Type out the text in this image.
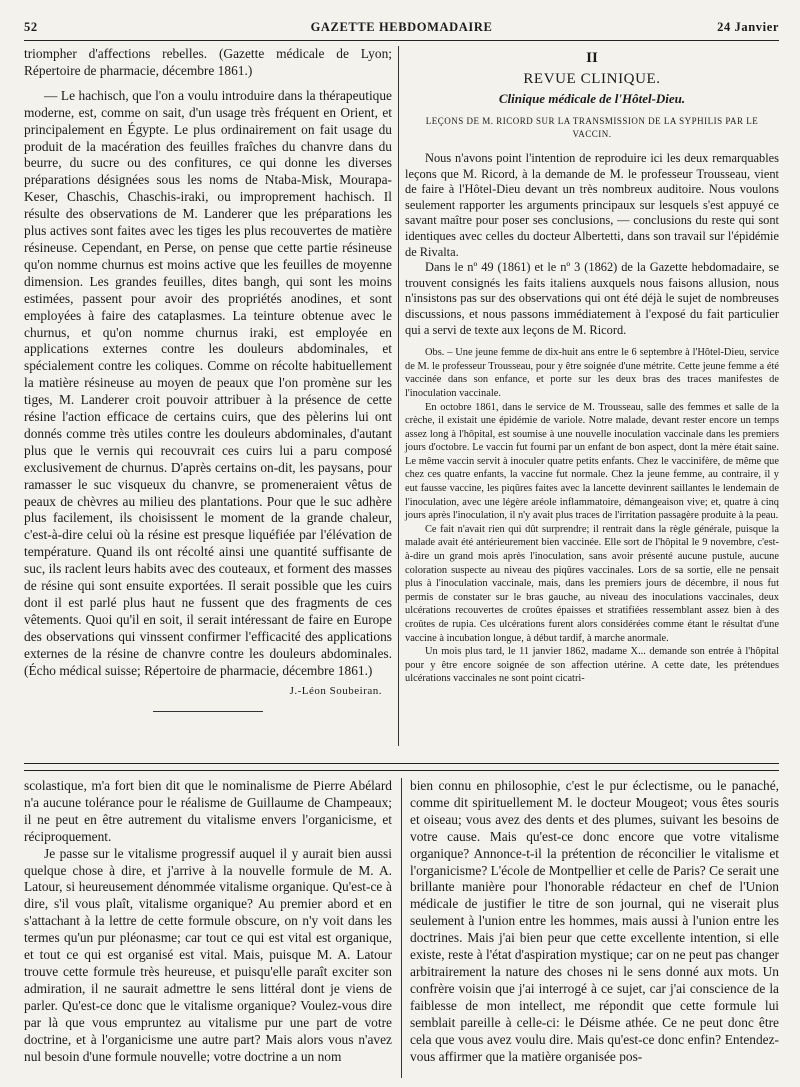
52	GAZETTE HEBDOMADAIRE	24 Janvier

triompher d'affections rebelles. (Gazette médicale de Lyon; Répertoire de pharmacie, décembre 1861.)

— Le hachisch, que l'on a voulu introduire dans la thérapeutique moderne, est, comme on sait, d'un usage très fréquent en Orient, et principalement en Égypte. Le plus ordinairement on fait usage du produit de la macération des feuilles fraîches du chanvre dans du beurre, du sucre ou des confitures, ce qui donne les diverses préparations désignées sous les noms de Ntaba-Misk, Mourapa-Keser, Chaschis, Chaschis-iraki, ou improprement hachisch. Il résulte des observations de M. Landerer que les préparations les plus actives sont faites avec les tiges les plus recouvertes de matière résineuse. Cependant, en Perse, on pense que cette partie résineuse qu'on nomme churnus est moins active que les feuilles de moyenne dimension. Les grandes feuilles, dites bangh, qui sont les moins estimées, passent pour avoir des propriétés anodines, et sont employées à faire des cataplasmes. La teinture obtenue avec le churnus, et qu'on nomme churnus iraki, est employée en applications externes contre les douleurs abdominales, et spécialement contre les coliques. Comme on récolte habituellement la matière résineuse au moyen de peaux que l'on promène sur les tiges, M. Landerer croit pouvoir attribuer à la présence de cette résine l'action efficace de certains cuirs, que des pèlerins lui ont donnés comme très utiles contre les douleurs abdominales, d'autant plus que le vernis qui recouvrait ces cuirs lui a paru composé exclusivement de churnus. D'après certains on-dit, les paysans, pour ramasser le suc visqueux du chanvre, se promeneraient vêtus de peaux de chèvres au milieu des plantations. Pour que le suc adhère plus facilement, ils choisissent le moment de la grande chaleur, c'est-à-dire celui où la résine est presque liquéfiée par l'élévation de température. Quand ils ont récolté ainsi une quantité suffisante de suc, ils raclent leurs habits avec des couteaux, et forment des masses de résine qui sont ensuite exportées. Il serait possible que les cuirs dont il est parlé plus haut ne fussent que des fragments de ces vêtements. Quoi qu'il en soit, il serait intéressant de faire en Europe des observations qui vinssent confirmer l'efficacité des applications externes de la résine de chanvre contre les douleurs abdominales. (Écho médical suisse; Répertoire de pharmacie, décembre 1861.)

J.-Léon Soubeiran.

II

REVUE CLINIQUE.

Clinique médicale de l'Hôtel-Dieu.

LEÇONS DE M. RICORD SUR LA TRANSMISSION DE LA SYPHILIS PAR LE VACCIN.

Nous n'avons point l'intention de reproduire ici les deux remarquables leçons que M. Ricord, à la demande de M. le professeur Trousseau, vient de faire à l'Hôtel-Dieu devant un très nombreux auditoire. Nous voulons seulement rapporter les arguments principaux sur lesquels s'est appuyé ce savant maître pour poser ses conclusions, — conclusions du reste qui sont identiques avec celles du docteur Albertetti, dans son travail sur l'épidémie de Rivalta.

Dans le nº 49 (1861) et le nº 3 (1862) de la Gazette hebdomadaire, se trouvent consignés les faits italiens auxquels nous faisons allusion, nous n'insistons pas sur des observations qui ont été déjà le sujet de nombreuses discussions, et nous passons immédiatement à l'exposé du fait particulier qui a servi de texte aux leçons de M. Ricord.

Obs. – Une jeune femme de dix-huit ans entre le 6 septembre à l'Hôtel-Dieu, service de M. le professeur Trousseau, pour y être soignée d'une métrite. Cette jeune femme a été vaccinée dans son enfance, et porte sur les deux bras des traces manifestes de l'inoculation vaccinale.

En octobre 1861, dans le service de M. Trousseau, salle des femmes et salle de la crèche, il existait une épidémie de variole. Notre malade, devant rester encore un temps assez long à l'hôpital, est soumise à une nouvelle inoculation vaccinale dans les premiers jours d'octobre. Le vaccin fut fourni par un enfant de bon aspect, dont la mère était saine. Le même vaccin servit à inoculer quatre petits enfants. Chez le vaccinifère, de même que chez ces quatre enfants, la vaccine fut normale. Chez la jeune femme, au contraire, il y eut fausse vaccine, les piqûres faites avec la lancette devinrent saillantes le lendemain de l'inoculation, avec une légère aréole inflammatoire, démangeaison vive; et, quatre à cinq jours après l'inoculation, il n'y avait plus traces de l'irritation passagère produite à la peau.

Ce fait n'avait rien qui dût surprendre; il rentrait dans la règle générale, puisque la malade avait été antérieurement bien vaccinée. Elle sort de l'hôpital le 9 novembre, c'est-à-dire un grand mois après l'inoculation, sans avoir présenté aucune pustule, aucune coloration suspecte au niveau des piqûres vaccinales. Lors de sa sortie, elle ne pensait plus à l'inoculation vaccinale, mais, dans les premiers jours de décembre, il nous fut permis de constater sur le bras gauche, au niveau des inoculations vaccinales, deux ulcérations recouvertes de croûtes épaisses et stratifiées ressemblant assez bien à des croûtes de rupia. Ces ulcérations furent alors considérées comme étant le résultat d'une vaccine à incubation longue, à début tardif, à marche anormale.

Un mois plus tard, le 11 janvier 1862, madame X... demande son entrée à l'hôpital pour y être encore soignée de son affection utérine. A cette date, les prétendues ulcérations vaccinales ne sont point cicatri-

scolastique, m'a fort bien dit que le nominalisme de Pierre Abélard n'a aucune tolérance pour le réalisme de Guillaume de Champeaux; il ne peut en être autrement du vitalisme envers l'organicisme, et réciproquement.

Je passe sur le vitalisme progressif auquel il y aurait bien aussi quelque chose à dire, et j'arrive à la nouvelle formule de M. A. Latour, si heureusement dénommée vitalisme organique. Qu'est-ce à dire, s'il vous plaît, vitalisme organique? Au premier abord et en s'attachant à la lettre de cette formule obscure, on n'y voit dans les termes qu'un pur pléonasme; car tout ce qui est vital est organique, et tout ce qui est organisé est vital. Mais, puisque M. A. Latour trouve cette formule très heureuse, et puisqu'elle paraît exciter son admiration, il ne saurait admettre le sens littéral dont je viens de parler. Qu'est-ce donc que le vitalisme organique? Voulez-vous dire par là que vous empruntez au vitalisme pur une part de votre doctrine, et à l'organicisme une autre part? Mais alors vous n'avez nul besoin d'une formule nouvelle; votre doctrine a un nom

bien connu en philosophie, c'est le pur éclectisme, ou le panaché, comme dit spirituellement M. le docteur Mougeot; vous êtes souris et oiseau; vous avez des dents et des plumes, suivant les besoins de votre cause. Mais qu'est-ce donc encore que votre vitalisme organique? Annonce-t-il la prétention de réconcilier le vitalisme et l'organicisme? L'école de Montpellier et celle de Paris? Ce serait une brillante manière pour l'honorable rédacteur en chef de l'Union médicale de justifier le titre de son journal, qui ne viserait plus seulement à l'union entre les hommes, mais aussi à l'union entre les doctrines. Mais j'ai bien peur que cette excellente intention, si elle existe, reste à l'état d'aspiration mystique; car on ne peut pas changer arbitrairement la nature des choses ni le sens donné aux mots. Un confrère voisin que j'ai interrogé à ce sujet, car j'ai conscience de la faiblesse de mon intellect, me répondit que cette formule lui semblait pareille à celle-ci: le Déisme athée. Ce ne peut donc être cela que vous avez voulu dire. Mais qu'est-ce donc enfin? Entendez-vous affirmer que la matière organisée pos-
